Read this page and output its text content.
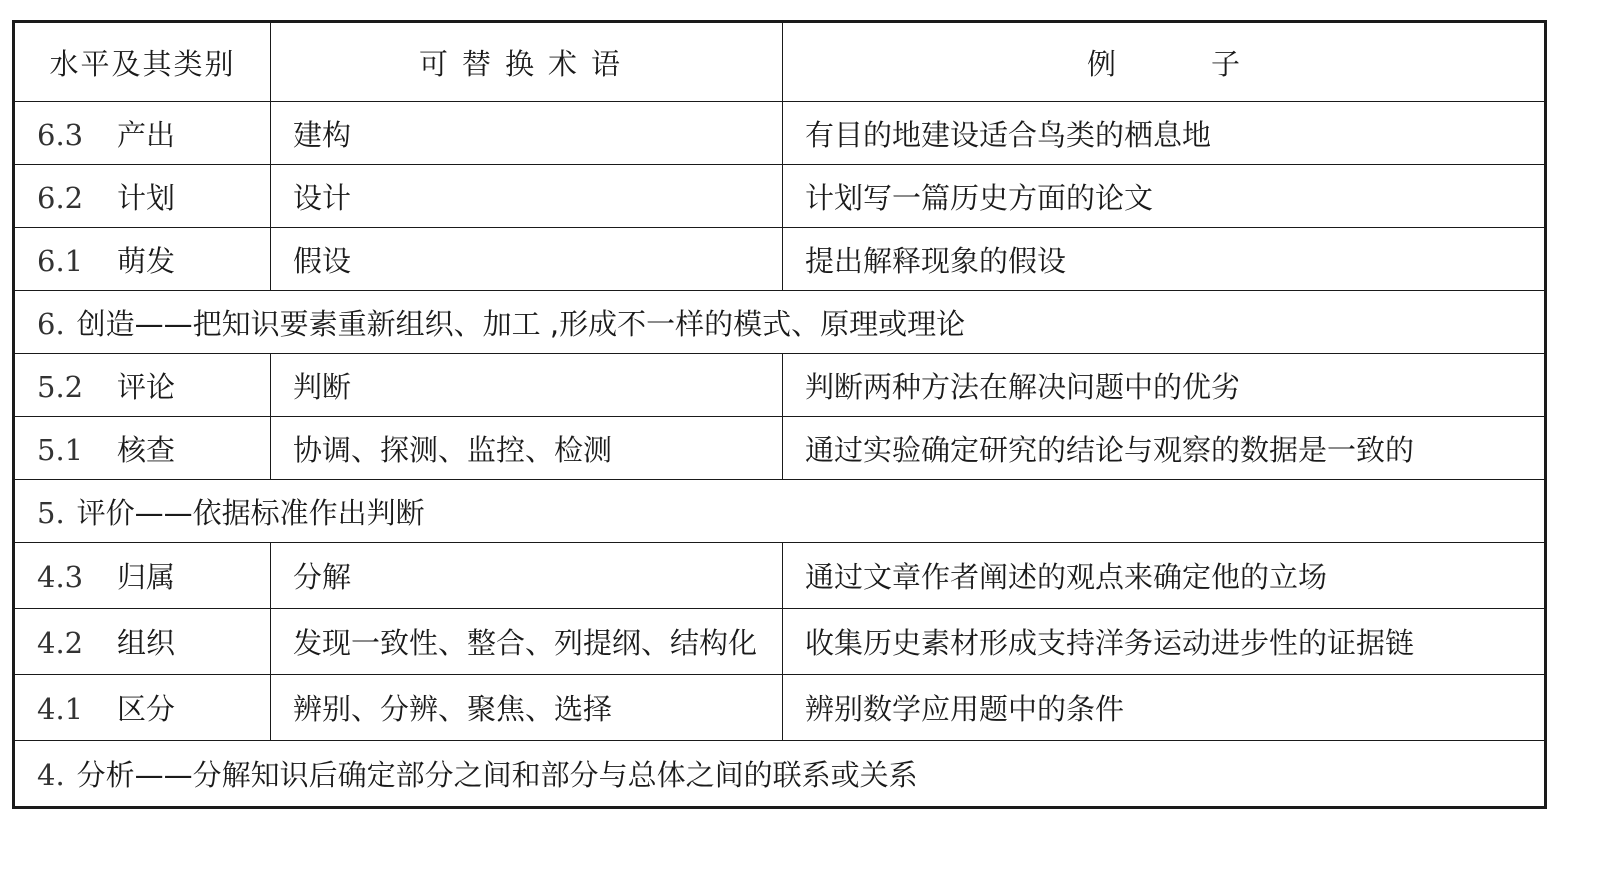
水平及其类别	可替换术语	例 子
6.3 产出	建构	有目的地建设适合鸟类的栖息地
6.2 计划	设计	计划写一篇历史方面的论文
6.1 萌发	假设	提出解释现象的假设
6. 创造——把知识要素重新组织、加工 ,形成不一样的模式、原理或理论		
5.2 评论	判断	判断两种方法在解决问题中的优劣
5.1 核查	协调、探测、监控、检测	通过实验确定研究的结论与观察的数据是一致的
5. 评价——依据标准作出判断		
4.3 归属	分解	通过文章作者阐述的观点来确定他的立场
4.2 组织	发现一致性、整合、列提纲、结构化	收集历史素材形成支持洋务运动进步性的证据链
4.1 区分	辨别、分辨、聚焦、选择	辨别数学应用题中的条件
4. 分析——分解知识后确定部分之间和部分与总体之间的联系或关系		
